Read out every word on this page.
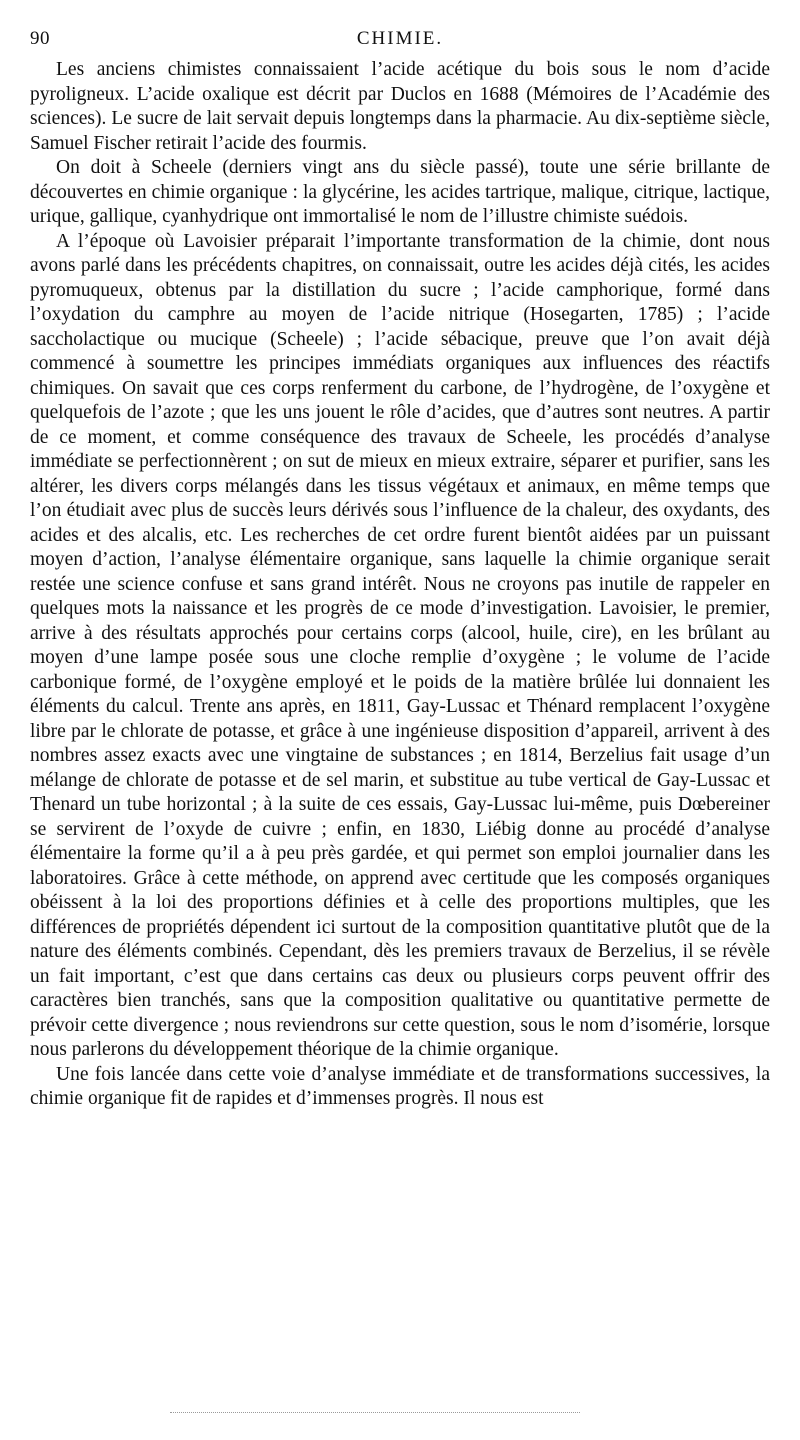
90	CHIMIE.

Les anciens chimistes connaissaient l’acide acétique du bois sous le nom d’acide pyroligneux. L’acide oxalique est décrit par Duclos en 1688 (Mémoires de l’Académie des sciences). Le sucre de lait servait depuis longtemps dans la pharmacie. Au dix-septième siècle, Samuel Fischer retirait l’acide des fourmis.

On doit à Scheele (derniers vingt ans du siècle passé), toute une série brillante de découvertes en chimie organique : la glycérine, les acides tartrique, malique, citrique, lactique, urique, gallique, cyanhydrique ont immortalisé le nom de l’illustre chimiste suédois.

A l’époque où Lavoisier préparait l’importante transformation de la chimie, dont nous avons parlé dans les précédents chapitres, on connaissait, outre les acides déjà cités, les acides pyromuqueux, obtenus par la distillation du sucre ; l’acide camphorique, formé dans l’oxydation du camphre au moyen de l’acide nitrique (Hosegarten, 1785) ; l’acide saccholactique ou mucique (Scheele) ; l’acide sébacique, preuve que l’on avait déjà commencé à soumettre les principes immédiats organiques aux influences des réactifs chimiques. On savait que ces corps renferment du carbone, de l’hydrogène, de l’oxygène et quelquefois de l’azote ; que les uns jouent le rôle d’acides, que d’autres sont neutres. A partir de ce moment, et comme conséquence des travaux de Scheele, les procédés d’analyse immédiate se perfectionnèrent ; on sut de mieux en mieux extraire, séparer et purifier, sans les altérer, les divers corps mélangés dans les tissus végétaux et animaux, en même temps que l’on étudiait avec plus de succès leurs dérivés sous l’influence de la chaleur, des oxydants, des acides et des alcalis, etc. Les recherches de cet ordre furent bientôt aidées par un puissant moyen d’action, l’analyse élémentaire organique, sans laquelle la chimie organique serait restée une science confuse et sans grand intérêt. Nous ne croyons pas inutile de rappeler en quelques mots la naissance et les progrès de ce mode d’investigation. Lavoisier, le premier, arrive à des résultats approchés pour certains corps (alcool, huile, cire), en les brûlant au moyen d’une lampe posée sous une cloche remplie d’oxygène ; le volume de l’acide carbonique formé, de l’oxygène employé et le poids de la matière brûlée lui donnaient les éléments du calcul. Trente ans après, en 1811, Gay-Lussac et Thénard remplacent l’oxygène libre par le chlorate de potasse, et grâce à une ingénieuse disposition d’appareil, arrivent à des nombres assez exacts avec une vingtaine de substances ; en 1814, Berzelius fait usage d’un mélange de chlorate de potasse et de sel marin, et substitue au tube vertical de Gay-Lussac et Thenard un tube horizontal ; à la suite de ces essais, Gay-Lussac lui-même, puis Dœbereiner se servirent de l’oxyde de cuivre ; enfin, en 1830, Liébig donne au procédé d’analyse élémentaire la forme qu’il a à peu près gardée, et qui permet son emploi journalier dans les laboratoires. Grâce à cette méthode, on apprend avec certitude que les composés organiques obéissent à la loi des proportions définies et à celle des proportions multiples, que les différences de propriétés dépendent ici surtout de la composition quantitative plutôt que de la nature des éléments combinés. Cependant, dès les premiers travaux de Berzelius, il se révèle un fait important, c’est que dans certains cas deux ou plusieurs corps peuvent offrir des caractères bien tranchés, sans que la composition qualitative ou quantitative permette de prévoir cette divergence ; nous reviendrons sur cette question, sous le nom d’isomérie, lorsque nous parlerons du développement théorique de la chimie organique.

Une fois lancée dans cette voie d’analyse immédiate et de transformations successives, la chimie organique fit de rapides et d’immenses progrès. Il nous est
